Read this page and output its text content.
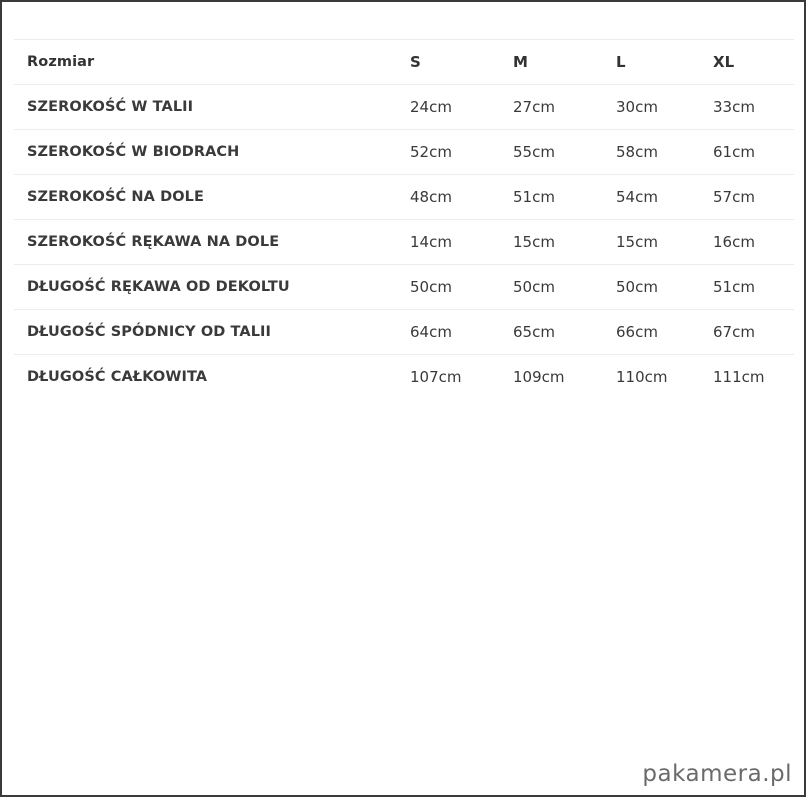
Rozmiar	S	M	L	XL
SZEROKOŚĆ W TALII	24cm	27cm	30cm	33cm
SZEROKOŚĆ W BIODRACH	52cm	55cm	58cm	61cm
SZEROKOŚĆ NA DOLE	48cm	51cm	54cm	57cm
SZEROKOŚĆ RĘKAWA NA DOLE	14cm	15cm	15cm	16cm
DŁUGOŚĆ RĘKAWA OD DEKOLTU	50cm	50cm	50cm	51cm
DŁUGOŚĆ SPÓDNICY OD TALII	64cm	65cm	66cm	67cm
DŁUGOŚĆ CAŁKOWITA	107cm	109cm	110cm	111cm
pakamera.pl
